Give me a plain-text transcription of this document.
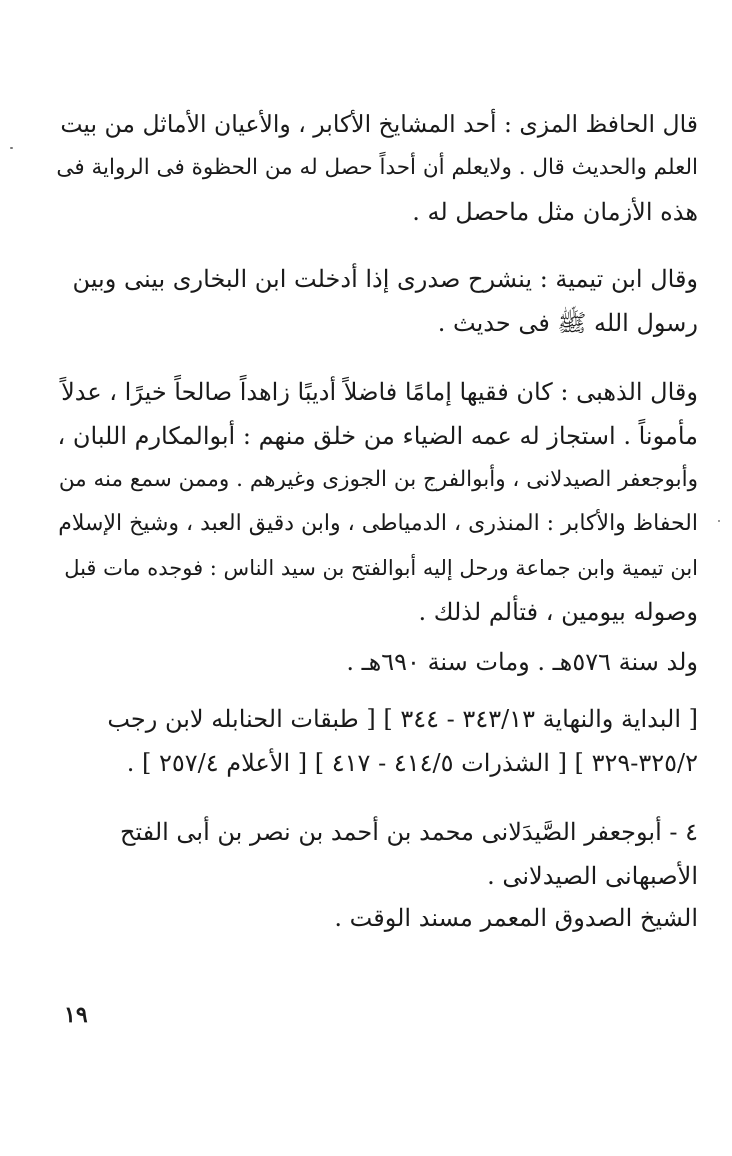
قال الحافظ المزى : أحد المشايخ الأكابر ، والأعيان الأماثل من بيت
العلم والحديث قال . ولايعلم أن أحداً حصل له من الحظوة فى الرواية فى
هذه الأزمان مثل ماحصل له .

وقال ابن تيمية : ينشرح صدرى إذا أدخلت ابن البخارى بينى وبين
رسول الله ﷺ فى حديث .

وقال الذهبى : كان فقيها إمامًا فاضلاً أديبًا زاهداً صالحاً خيرًا ، عدلاً
مأموناً . استجاز له عمه الضياء من خلق منهم : أبوالمكارم اللبان ،
وأبوجعفر الصيدلانى ، وأبوالفرج بن الجوزى وغيرهم . وممن سمع منه من
الحفاظ والأكابر : المنذرى ، الدمياطى ، وابن دقيق العبد ، وشيخ الإسلام
ابن تيمية وابن جماعة ورحل إليه أبوالفتح بن سيد الناس : فوجده مات قبل
وصوله بيومين ، فتألم لذلك .

ولد سنة ٥٧٦هـ . ومات سنة ٦٩٠هـ .

[ البداية والنهاية ٣٤٣/١٣ - ٣٤٤ ] [ طبقات الحنابله لابن رجب
٣٢٥/٢-٣٢٩ ] [ الشذرات ٤١٤/٥ - ٤١٧ ] [ الأعلام ٢٥٧/٤ ] .

٤ - أبوجعفر الصَّيدَلانى محمد بن أحمد بن نصر بن أبى الفتح
الأصبهانى الصيدلانى .

الشيخ الصدوق المعمر مسند الوقت .

١٩
